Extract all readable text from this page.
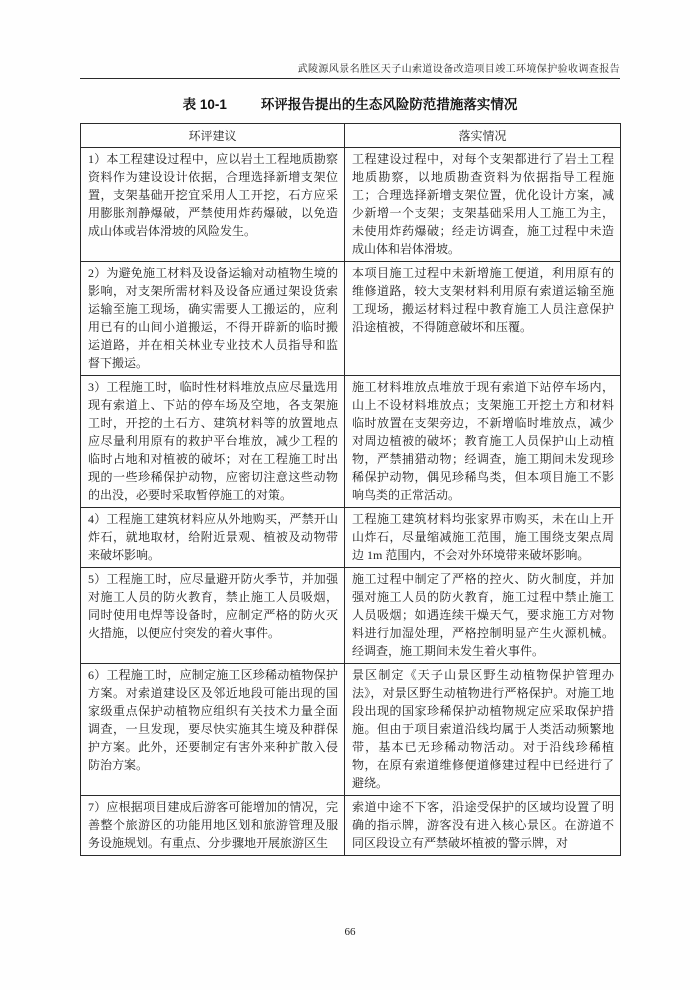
武陵源风景名胜区天子山索道设备改造项目竣工环境保护验收调查报告
表 10-1	环评报告提出的生态风险防范措施落实情况
环评建议	落实情况
1）本工程建设过程中，应以岩土工程地质勘察资料作为建设设计依据，合理选择新增支架位置，支架基础开挖宜采用人工开挖，石方应采用膨胀剂静爆破，严禁使用炸药爆破，以免造成山体或岩体滑坡的风险发生。	工程建设过程中，对每个支架都进行了岩土工程地质勘察，以地质勘查资料为依据指导工程施工；合理选择新增支架位置，优化设计方案，减少新增一个支架；支架基础采用人工施工为主，未使用炸药爆破；经走访调查，施工过程中未造成山体和岩体滑坡。
2）为避免施工材料及设备运输对动植物生境的影响，对支架所需材料及设备应通过架设货索运输至施工现场，确实需要人工搬运的，应利用已有的山间小道搬运，不得开辟新的临时搬运道路，并在相关林业专业技术人员指导和监督下搬运。	本项目施工过程中未新增施工便道，利用原有的维修道路，较大支架材料利用原有索道运输至施工现场，搬运材料过程中教育施工人员注意保护沿途植被，不得随意破坏和压覆。
3）工程施工时，临时性材料堆放点应尽量选用现有索道上、下站的停车场及空地，各支架施工时，开挖的土石方、建筑材料等的放置地点应尽量利用原有的救护平台堆放，减少工程的临时占地和对植被的破坏；对在工程施工时出现的一些珍稀保护动物，应密切注意这些动物的出没，必要时采取暂停施工的对策。	施工材料堆放点堆放于现有索道下站停车场内，山上不设材料堆放点；支架施工开挖土方和材料临时放置在支架旁边，不新增临时堆放点，减少对周边植被的破坏；教育施工人员保护山上动植物，严禁捕猎动物；经调查，施工期间未发现珍稀保护动物，偶见珍稀鸟类，但本项目施工不影响鸟类的正常活动。
4）工程施工建筑材料应从外地购买，严禁开山炸石，就地取材，给附近景观、植被及动物带来破坏影响。	工程施工建筑材料均张家界市购买，未在山上开山炸石，尽量缩减施工范围，施工围绕支架点周边 1m 范围内，不会对外环境带来破坏影响。
5）工程施工时，应尽量避开防火季节，并加强对施工人员的防火教育，禁止施工人员吸烟，同时使用电焊等设备时，应制定严格的防火灭火措施，以便应付突发的着火事件。	施工过程中制定了严格的控火、防火制度，并加强对施工人员的防火教育，施工过程中禁止施工人员吸烟；如遇连续干燥天气，要求施工方对物料进行加湿处理，严格控制明显产生火源机械。经调查，施工期间未发生着火事件。
6）工程施工时，应制定施工区珍稀动植物保护方案。对索道建设区及邻近地段可能出现的国家级重点保护动植物应组织有关技术力量全面调查，一旦发现，要尽快实施其生境及种群保护方案。此外，还要制定有害外来种扩散入侵防治方案。	景区制定《天子山景区野生动植物保护管理办法》，对景区野生动植物进行严格保护。对施工地段出现的国家珍稀保护动植物规定应采取保护措施。但由于项目索道沿线均属于人类活动频繁地带，基本已无珍稀动物活动。对于沿线珍稀植物，在原有索道维修便道修建过程中已经进行了避绕。
7）应根据项目建成后游客可能增加的情况，完善整个旅游区的功能用地区划和旅游管理及服务设施规划。有重点、分步骤地开展旅游区生	索道中途不下客，沿途受保护的区域均设置了明确的指示牌，游客没有进入核心景区。在游道不同区段设立有严禁破坏植被的警示牌，对
66
